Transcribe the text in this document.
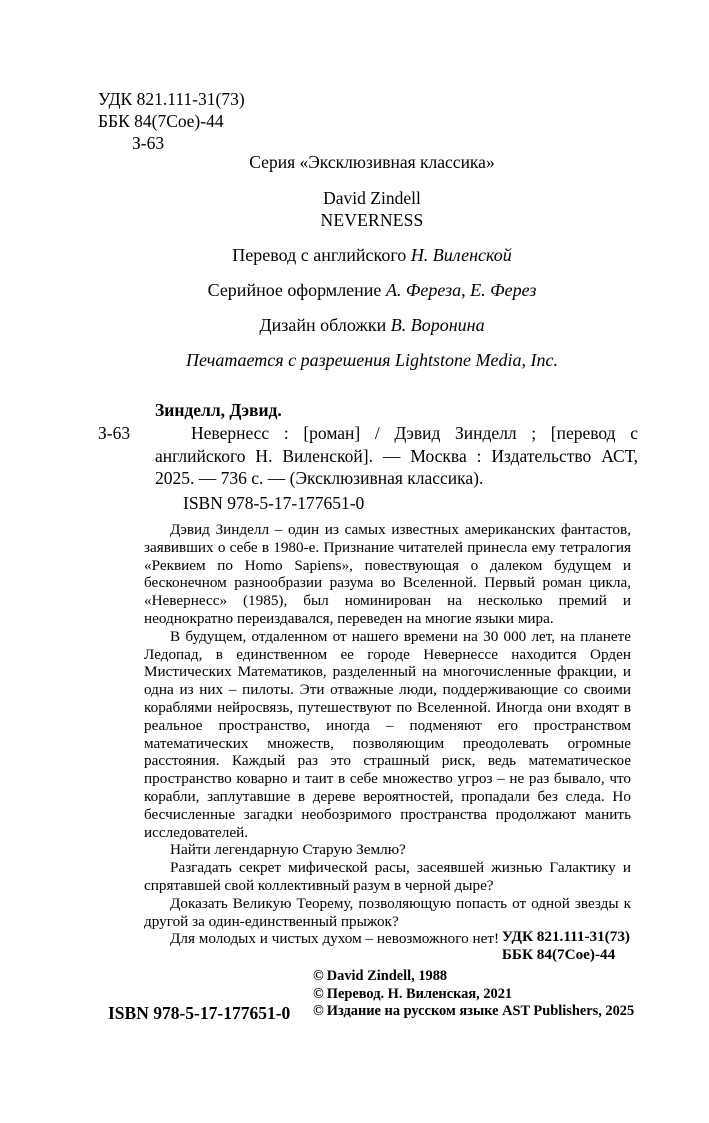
УДК 821.111-31(73)
ББК 84(7Coe)-44
З-63
Серия «Эксклюзивная классика»
David Zindell
NEVERNESS
Перевод с английского Н. Виленской
Серийное оформление А. Фереза, Е. Ферез
Дизайн обложки В. Воронина
Печатается с разрешения Lightstone Media, Inc.
Зинделл, Дэвид.
З-63	Невернесс : [роман] / Дэвид Зинделл ; [перевод с английского Н. Виленской]. — Москва : Издательство АСТ, 2025. — 736 с. — (Эксклюзивная классика).
ISBN 978-5-17-177651-0

Дэвид Зинделл – один из самых известных американских фантастов, заявивших о себе в 1980-е. Признание читателей принесла ему тетралогия «Реквием по Homo Sapiens», повествующая о далеком будущем и бесконечном разнообразии разума во Вселенной. Первый роман цикла, «Невернесс» (1985), был номинирован на несколько премий и неоднократно переиздавался, переведен на многие языки мира.

В будущем, отдаленном от нашего времени на 30 000 лет, на планете Ледопад, в единственном ее городе Невернессе находится Орден Мистических Математиков, разделенный на многочисленные фракции, и одна из них – пилоты. Эти отважные люди, поддерживающие со своими кораблями нейросвязь, путешествуют по Вселенной. Иногда они входят в реальное пространство, иногда – подменяют его пространством математических множеств, позволяющим преодолевать огромные расстояния. Каждый раз это страшный риск, ведь математическое пространство коварно и таит в себе множество угроз – не раз бывало, что корабли, заплутавшие в дереве вероятностей, пропадали без следа. Но бесчисленные загадки необозримого пространства продолжают манить исследователей.

Найти легендарную Старую Землю?

Разгадать секрет мифической расы, засеявшей жизнью Галактику и спрятавшей свой коллективный разум в черной дыре?

Доказать Великую Теорему, позволяющую попасть от одной звезды к другой за один-единственный прыжок?

Для молодых и чистых духом – невозможного нет! УДК 821.111-31(73)
ББК 84(7Coe)-44
ISBN 978-5-17-177651-0
© David Zindell, 1988
© Перевод. Н. Виленская, 2021
© Издание на русском языке AST Publishers, 2025
